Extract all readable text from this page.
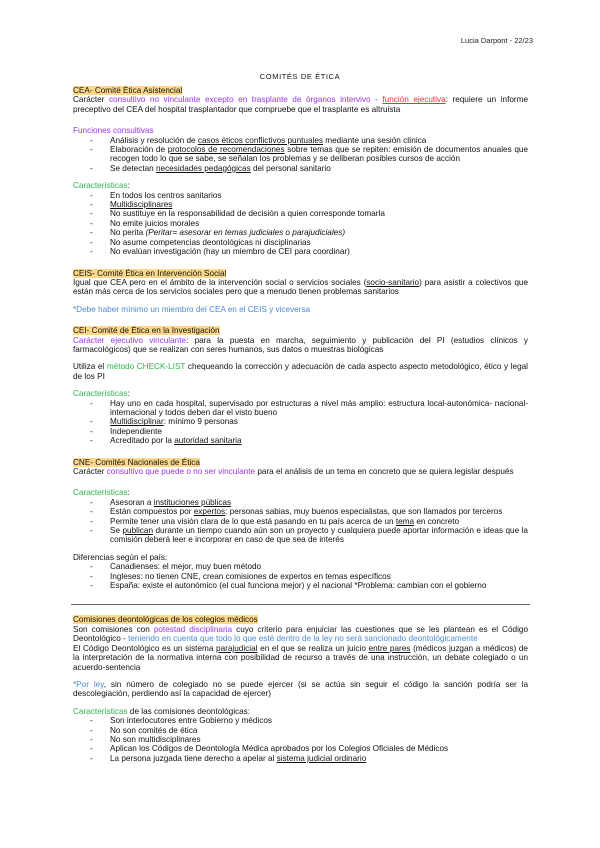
Lucia Darpont - 22/23
COMITÉS DE ÉTICA
CEA- Comité Ética Asistencial
Carácter consultivo no vinculante excepto en trasplante de órganos intervivo - función ejecutiva: requiere un informe preceptivo del CEA del hospital trasplantador que compruebe que el trasplante es altruista
Funciones consultivas
- Análisis y resolución de casos éticos conflictivos puntuales mediante una sesión clínica
- Elaboración de protocolos de recomendaciones sobre temas que se repiten: emisión de documentos anuales que recogen todo lo que se sabe, se señalan los problemas y se deliberan posibles cursos de acción
- Se detectan necesidades pedagógicas del personal sanitario
Características:
- En todos los centros sanitarios
- Multidisciplinares
- No sustituye en la responsabilidad de decisión a quien corresponde tomarla
- No emite juicios morales
- No perita (Peritar= asesorar en temas judiciales o parajudiciales)
- No asume competencias deontológicas ni disciplinarias
- No evalúan investigación (hay un miembro de CEI para coordinar)
CEIS- Comité Ética en Intervención Social
Igual que CEA pero en el ámbito de la intervención social o servicios sociales (socio-sanitario) para asistir a colectivos que están más cerca de los servicios sociales pero que a menudo tienen problemas sanitarios
*Debe haber mínimo un miembro del CEA en el CEIS y viceversa
CEI- Comité de Ética en la Investigación
Carácter ejecutivo vinculante: para la puesta en marcha, seguimiento y publicación del PI (estudios clínicos y farmacológicos) que se realizan con seres humanos, sus datos o muestras biológicas
Utiliza el método CHECK-LIST chequeando la corrección y adecuación de cada aspecto aspecto metodológico, ético y legal de los PI
Características:
- Hay uno en cada hospital, supervisado por estructuras a nivel más amplio: estructura local-autonómica- nacional- internacional y todos deben dar el visto bueno
- Multidisciplinar: mínimo 9 personas
- Independiente
- Acreditado por la autoridad sanitaria
CNE- Comités Nacionales de Ética
Carácter consultivo que puede o no ser vinculante para el análisis de un tema en concreto que se quiera legislar después
Características:
- Asesoran a instituciones públicas
- Están compuestos por expertos: personas sabias, muy buenos especialistas, que son llamados por terceros
- Permite tener una visión clara de lo que está pasando en tu país acerca de un tema en concreto
- Se publican durante un tiempo cuando aún son un proyecto y cualquiera puede aportar información e ideas que la comisión deberá leer e incorporar en caso de que sea de interés
Diferencias según el país:
- Canadienses: el mejor, muy buen método
- Ingleses: no tienen CNE, crean comisiones de expertos en temas específicos
- España: existe el autonómico (el cual funciona mejor) y el nacional *Problema: cambian con el gobierno
Comisiones deontológicas de los colegios médicos
Son comisiones con potestad disciplinaria cuyo criterio para enjuiciar las cuestiones que se les plantean es el Código Deontológico - teniendo en cuenta que todo lo que esté dentro de la ley no será sancionado deontológicamente
El Código Deontológico es un sistema parajudicial en el que se realiza un juicio entre pares (médicos juzgan a médicos) de la interpretación de la normativa interna con posibilidad de recurso a través de una instrucción, un debate colegiado o un acuerdo-sentencia
*Por ley, sin número de colegiado no se puede ejercer (si se actúa sin seguir el código la sanción podría ser la descolegiación, perdiendo así la capacidad de ejercer)
Características de las comisiones deontológicas:
- Son interlocutores entre Gobierno y médicos
- No son comités de ética
- No son multidisciplinares
- Aplican los Códigos de Deontología Médica aprobados por los Colegios Oficiales de Médicos
- La persona juzgada tiene derecho a apelar al sistema judicial ordinario
